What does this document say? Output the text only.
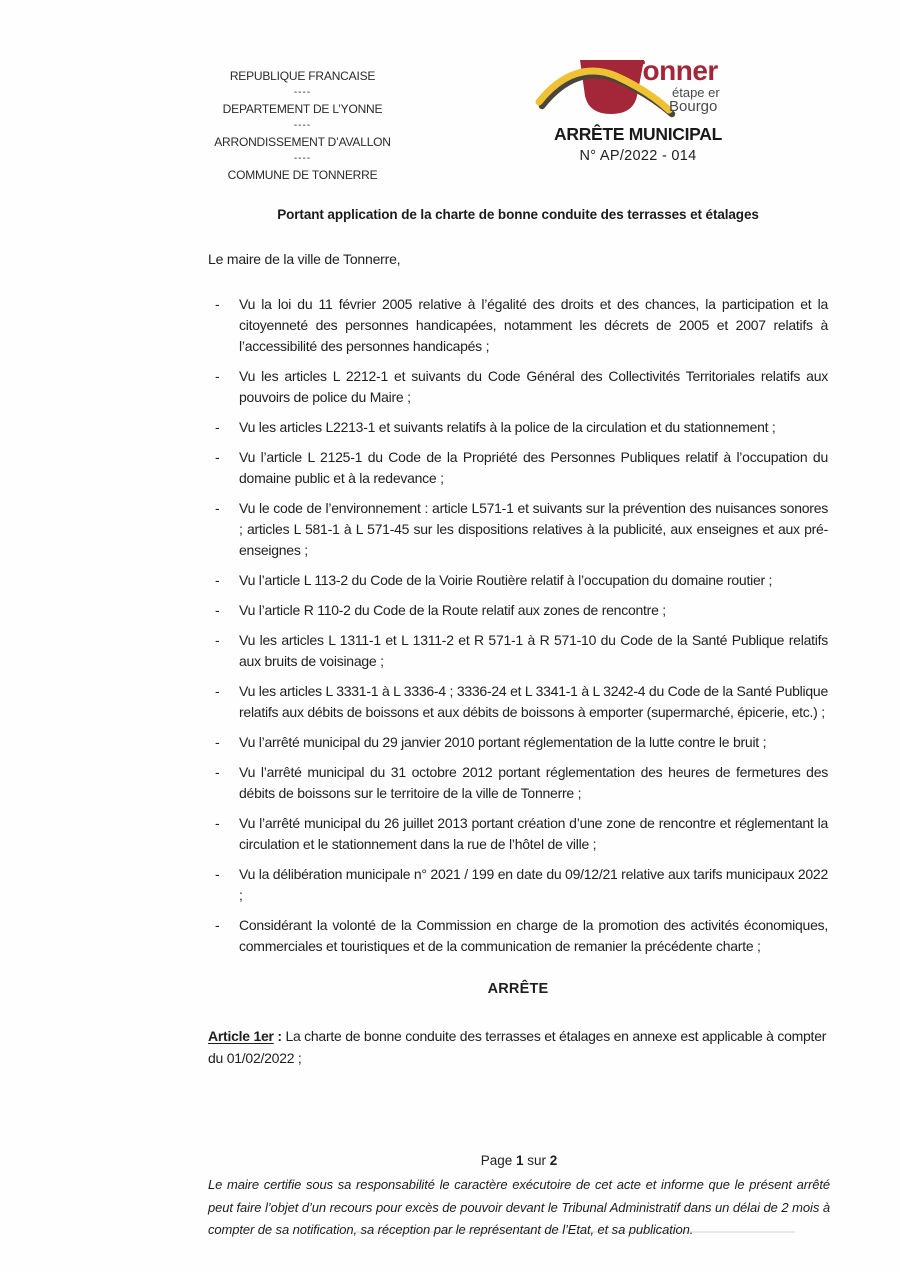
REPUBLIQUE FRANCAISE
----
DEPARTEMENT DE L’YONNE
----
ARRONDISSEMENT D’AVALLON
----
COMMUNE DE TONNERRE
Tonner
étape er
Bourgo
ARRÊTE MUNICIPAL
N° AP/2022 - 014
Portant application de la charte de bonne conduite des terrasses et étalages
Le maire de la ville de Tonnerre,
-	Vu la loi du 11 février 2005 relative à l’égalité des droits et des chances, la participation et la citoyenneté des personnes handicapées, notamment les décrets de 2005 et 2007 relatifs à l’accessibilité des personnes handicapés ;

-	Vu les articles L 2212-1 et suivants du Code Général des Collectivités Territoriales relatifs aux pouvoirs de police du Maire ;

-	Vu les articles L2213-1 et suivants relatifs à la police de la circulation et du stationnement ;

-	Vu l’article L 2125-1 du Code de la Propriété des Personnes Publiques relatif à l’occupation du domaine public et à la redevance ;

-	Vu le code de l’environnement : article L571-1 et suivants sur la prévention des nuisances sonores ; articles L 581-1 à L 571-45 sur les dispositions relatives à la publicité, aux enseignes et aux pré-enseignes ;

-	Vu l’article L 113-2 du Code de la Voirie Routière relatif à l’occupation du domaine routier ;

-	Vu l’article R 110-2 du Code de la Route relatif aux zones de rencontre ;

-	Vu les articles L 1311-1 et L 1311-2 et R 571-1 à R 571-10 du Code de la Santé Publique relatifs aux bruits de voisinage ;

-	Vu les articles L 3331-1 à L 3336-4 ; 3336-24 et L 3341-1 à L 3242-4 du Code de la Santé Publique relatifs aux débits de boissons et aux débits de boissons à emporter (supermarché, épicerie, etc.) ;

-	Vu l’arrêté municipal du 29 janvier 2010 portant réglementation de la lutte contre le bruit ;

-	Vu l’arrêté municipal du 31 octobre 2012 portant réglementation des heures de fermetures des débits de boissons sur le territoire de la ville de Tonnerre ;

-	Vu l’arrêté municipal du 26 juillet 2013 portant création d’une zone de rencontre et réglementant la circulation et le stationnement dans la rue de l’hôtel de ville ;

-	Vu la délibération municipale n° 2021 / 199 en date du 09/12/21 relative aux tarifs municipaux 2022 ;

-	Considérant la volonté de la Commission en charge de la promotion des activités économiques, commerciales et touristiques et de la communication de remanier la précédente charte ;

ARRÊTE

Article 1er : La charte de bonne conduite des terrasses et étalages en annexe est applicable à compter du 01/02/2022 ;

Page 1 sur 2

Le maire certifie sous sa responsabilité le caractère exécutoire de cet acte et informe que le présent arrêté peut faire l’objet d’un recours pour excès de pouvoir devant le Tribunal Administratif dans un délai de 2 mois à compter de sa notification, sa réception par le représentant de l’Etat, et sa publication.
